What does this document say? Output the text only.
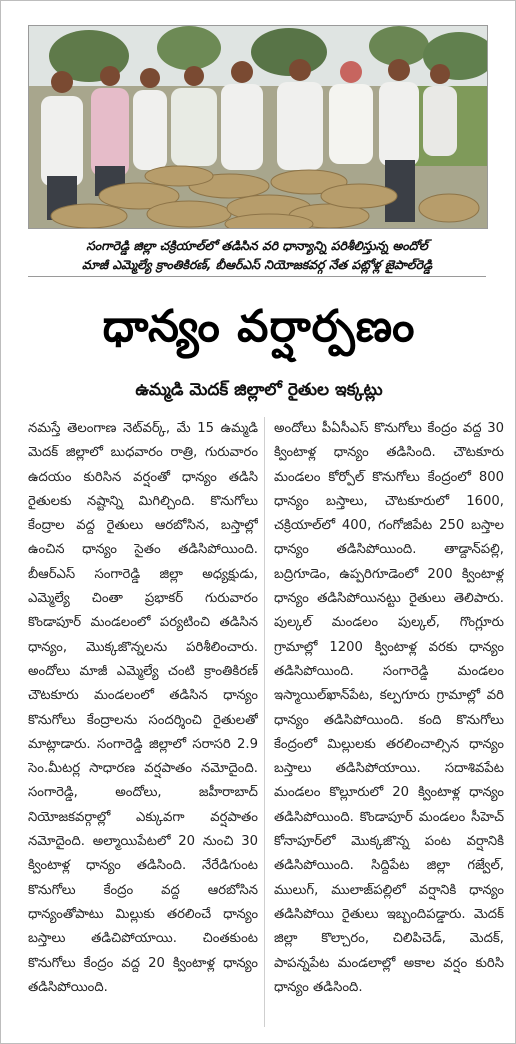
సంగారెడ్డి జిల్లా చక్రియాల్‌లో తడిసిన వరి ధాన్యాన్ని పరిశీలిస్తున్న అందోల్
మాజీ ఎమ్మెల్యే క్రాంతికిరణ్, బీఆర్ఎస్ నియోజకవర్గ నేత పట్లోళ్ల జైపాల్‌రెడ్డి
ధాన్యం వర్షార్పణం
ఉమ్మడి మెదక్ జిల్లాలో రైతుల ఇక్కట్లు

నమస్తే తెలంగాణ నెట్‌వర్క్, మే 15 ఉమ్మడి మెదక్ జిల్లాలో బుధవారం రాత్రి, గురువారం ఉదయం కురిసిన వర్షంతో ధాన్యం తడిసి రైతులకు నష్టాన్ని మిగిల్చింది. కొనుగోలు కేంద్రాల వద్ద రైతులు ఆరబోసిన, బస్తాల్లో ఉంచిన ధాన్యం సైతం తడిసిపోయింది. బీఆర్ఎస్ సంగారెడ్డి జిల్లా అధ్యక్షుడు, ఎమ్మెల్యే చింతా ప్రభాకర్ గురువారం కొండాపూర్ మండలంలో పర్యటించి తడిసిన ధాన్యం, మొక్కజొన్నలను పరిశీలించారు. అందోలు మాజీ ఎమ్మెల్యే చంటి క్రాంతికిరణ్ చౌటకూరు మండలంలో తడిసిన ధాన్యం కొనుగోలు కేంద్రాలను సందర్శించి రైతులతో మాట్లాడారు. సంగారెడ్డి జిల్లాలో సరాసరి 2.9 సెం.మీటర్ల సాధారణ వర్షపాతం నమోదైంది. సంగారెడ్డి, అందోలు, జహీరాబాద్ నియోజకవర్గాల్లో ఎక్కువగా వర్షపాతం నమోదైంది. అల్మాయిపేటలో 20 నుంచి 30 క్వింటాళ్ల ధాన్యం తడిసింది. నేరేడిగుంట కొనుగోలు కేంద్రం వద్ద ఆరబోసిన ధాన్యంతోపాటు మిల్లుకు తరలించే ధాన్యం బస్తాలు తడిచిపోయాయి. చింతకుంట కొనుగోలు కేంద్రం వద్ద 20 క్వింటాళ్ల ధాన్యం తడిసిపోయింది.

అందోలు పీఏసీఎస్ కొనుగోలు కేంద్రం వద్ద 30 క్వింటాళ్ల ధాన్యం తడిసింది. చౌటకూరు మండలం కోర్పోల్ కొనుగోలు కేంద్రంలో 800 ధాన్యం బస్తాలు, చౌటకూరులో 1600, చక్రియాల్‌లో 400, గంగోజిపేట 250 బస్తాల ధాన్యం తడిసిపోయింది. తాడ్దాన్‌పల్లి, బద్రిగూడెం, ఉప్పరిగూడెంలో 200 క్వింటాళ్ల ధాన్యం తడిసిపోయినట్టు రైతులు తెలిపారు. పుల్కల్ మండలం పుల్కల్, గొంగ్లూరు గ్రామాల్లో 1200 క్వింటాళ్ల వరకు ధాన్యం తడిసిపోయింది. సంగారెడ్డి మండలం ఇస్మాయిల్‌ఖాన్‌పేట, కల్పగూరు గ్రామాల్లో వరి ధాన్యం తడిసిపోయింది. కంది కొనుగోలు కేంద్రంలో మిల్లులకు తరలించాల్సిన ధాన్యం బస్తాలు తడిసిపోయాయి. సదాశివపేట మండలం కొల్లూరులో 20 క్వింటాళ్ల ధాన్యం తడిసిపోయింది. కొండాపూర్ మండలం సీహెచ్ కోనాపూర్‌లో మొక్కజొన్న పంట వర్షానికి తడిసిపోయింది. సిద్దిపేట జిల్లా గజ్వేల్, ములుగ్, ములాజ్‌పల్లిలో వర్షానికి ధాన్యం తడిసిపోయి రైతులు ఇబ్బందిపడ్డారు. మెదక్ జిల్లా కొల్చారం, చిలిపిచెడ్, మెదక్, పాపన్నపేట మండలాల్లో అకాల వర్షం కురిసి ధాన్యం తడిసింది.
